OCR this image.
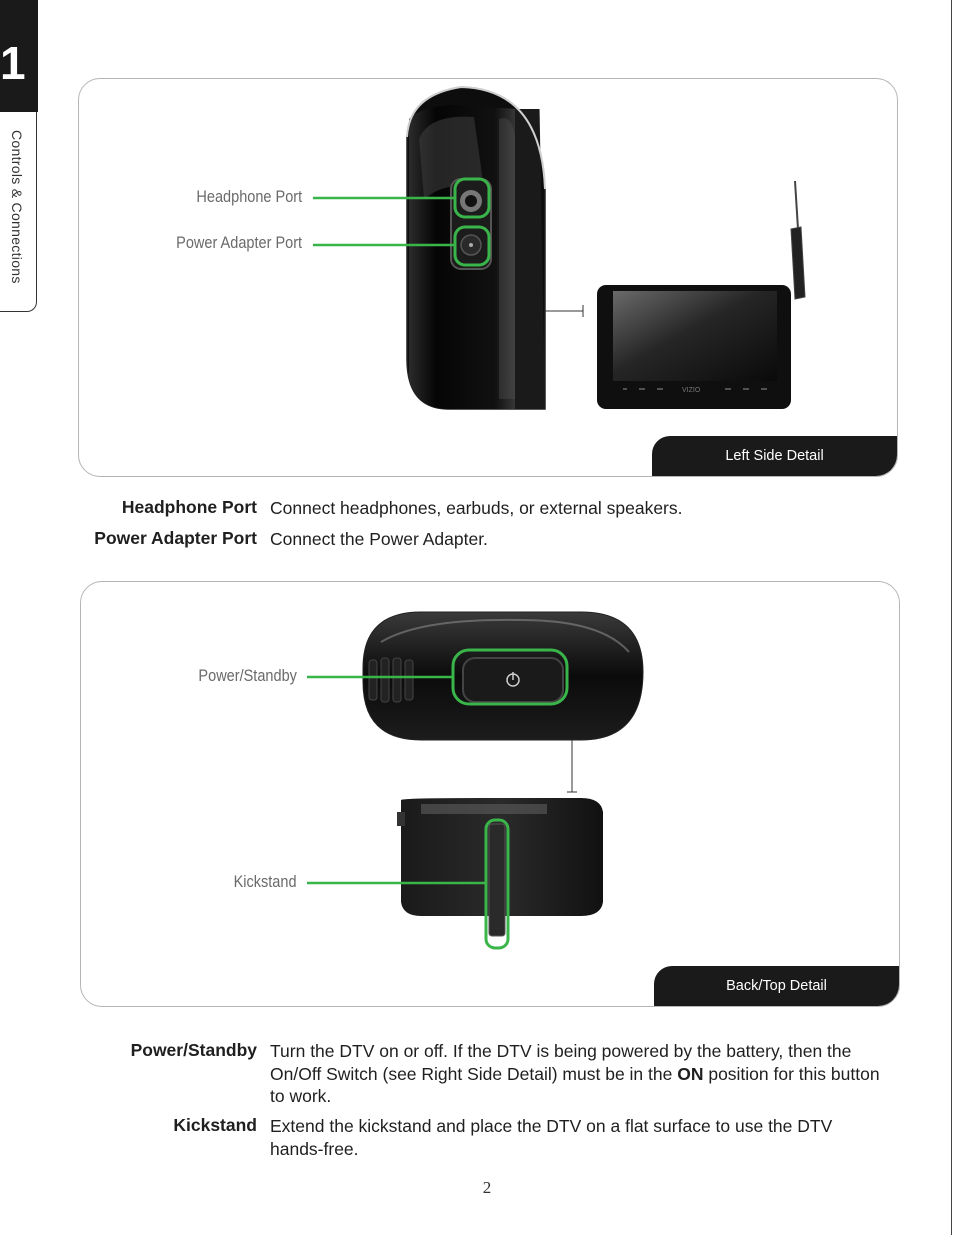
1
Controls & Connections
VIZIO
Headphone Port
Power Adapter Port
Left Side Detail
Headphone Port Connect headphones, earbuds, or external speakers.
Power Adapter Port Connect the Power Adapter.
Power/Standby
Kickstand
Back/Top Detail
Power/Standby Turn the DTV on or off. If the DTV is being powered by the battery, then the On/Off Switch (see Right Side Detail) must be in the ON position for this button to work.
Kickstand Extend the kickstand and place the DTV on a flat surface to use the DTV hands-free.
2
